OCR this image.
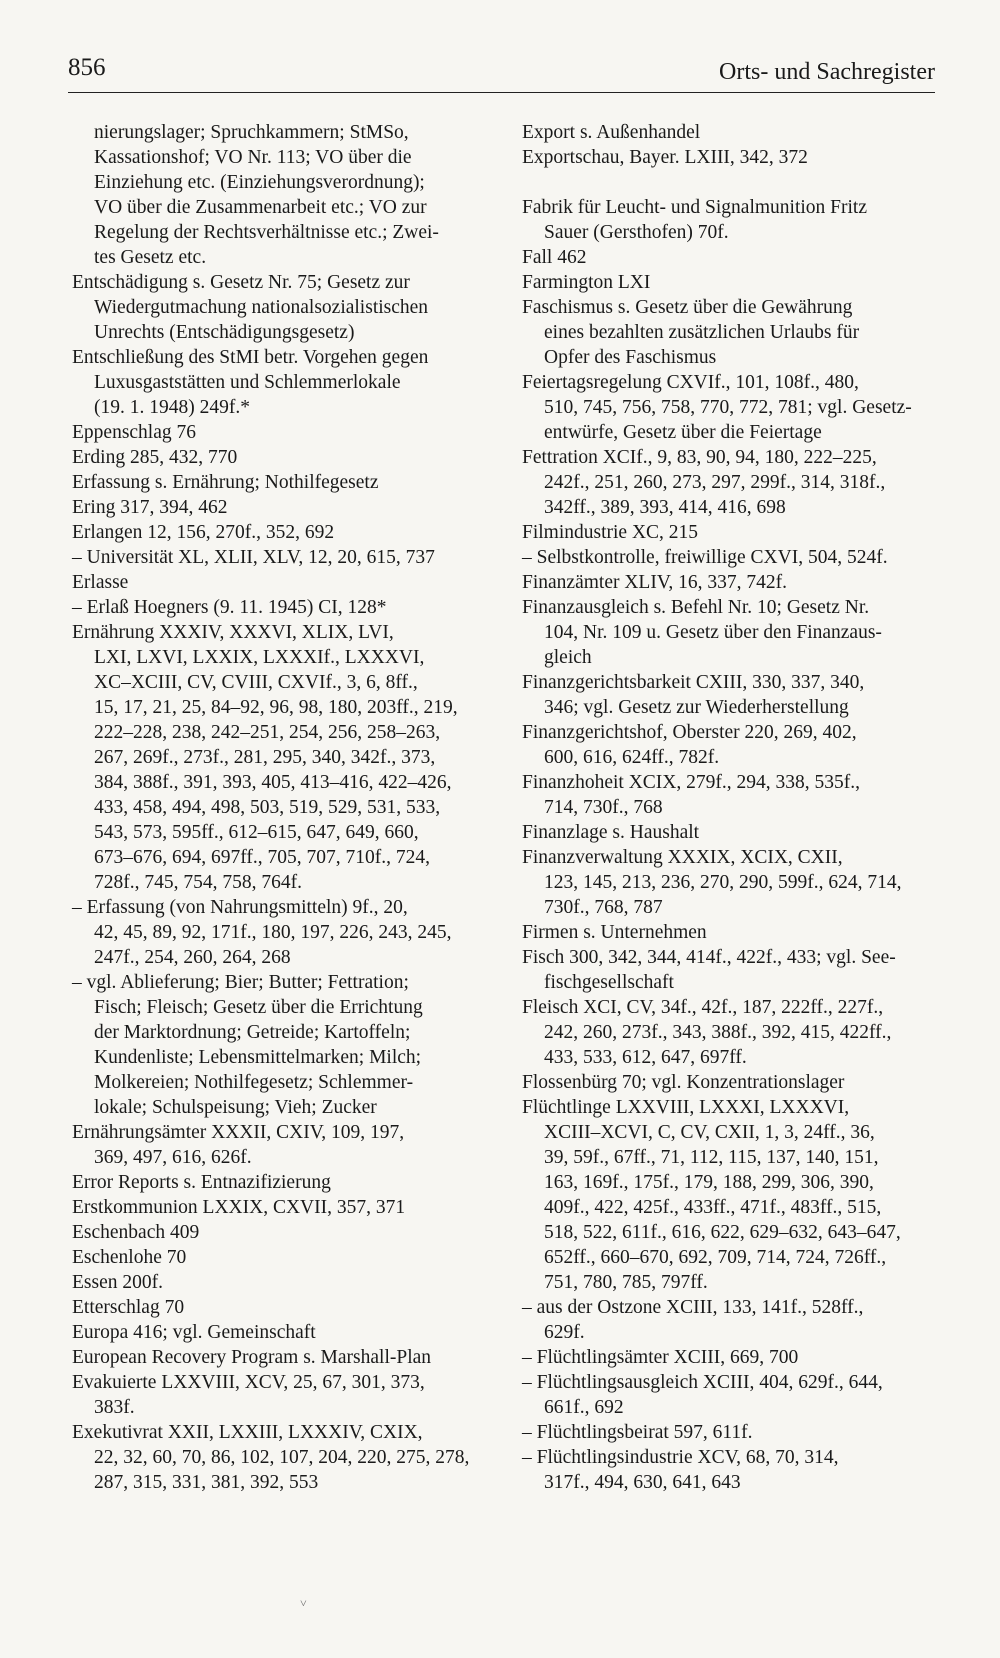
856	Orts- und Sachregister
nierungslager; Spruchkammern; StMSo,
Kassationshof; VO Nr. 113; VO über die
Einziehung etc. (Einziehungsverordnung);
VO über die Zusammenarbeit etc.; VO zur
Regelung der Rechtsverhältnisse etc.; Zwei-
tes Gesetz etc.
Entschädigung s. Gesetz Nr. 75; Gesetz zur
Wiedergutmachung nationalsozialistischen
Unrechts (Entschädigungsgesetz)
Entschließung des StMI betr. Vorgehen gegen
Luxusgaststätten und Schlemmerlokale
(19. 1. 1948) 249f.*
Eppenschlag 76
Erding 285, 432, 770
Erfassung s. Ernährung; Nothilfegesetz
Ering 317, 394, 462
Erlangen 12, 156, 270f., 352, 692
– Universität XL, XLII, XLV, 12, 20, 615, 737
Erlasse
– Erlaß Hoegners (9. 11. 1945) CI, 128*
Ernährung XXXIV, XXXVI, XLIX, LVI,
LXI, LXVI, LXXIX, LXXXIf., LXXXVI,
XC–XCIII, CV, CVIII, CXVIf., 3, 6, 8ff.,
15, 17, 21, 25, 84–92, 96, 98, 180, 203ff., 219,
222–228, 238, 242–251, 254, 256, 258–263,
267, 269f., 273f., 281, 295, 340, 342f., 373,
384, 388f., 391, 393, 405, 413–416, 422–426,
433, 458, 494, 498, 503, 519, 529, 531, 533,
543, 573, 595ff., 612–615, 647, 649, 660,
673–676, 694, 697ff., 705, 707, 710f., 724,
728f., 745, 754, 758, 764f.
– Erfassung (von Nahrungsmitteln) 9f., 20,
42, 45, 89, 92, 171f., 180, 197, 226, 243, 245,
247f., 254, 260, 264, 268
– vgl. Ablieferung; Bier; Butter; Fettration;
Fisch; Fleisch; Gesetz über die Errichtung
der Marktordnung; Getreide; Kartoffeln;
Kundenliste; Lebensmittelmarken; Milch;
Molkereien; Nothilfegesetz; Schlemmer-
lokale; Schulspeisung; Vieh; Zucker
Ernährungsämter XXXII, CXIV, 109, 197,
369, 497, 616, 626f.
Error Reports s. Entnazifizierung
Erstkommunion LXXIX, CXVII, 357, 371
Eschenbach 409
Eschenlohe 70
Essen 200f.
Etterschlag 70
Europa 416; vgl. Gemeinschaft
European Recovery Program s. Marshall-Plan
Evakuierte LXXVIII, XCV, 25, 67, 301, 373,
383f.
Exekutivrat XXII, LXXIII, LXXXIV, CXIX,
22, 32, 60, 70, 86, 102, 107, 204, 220, 275, 278,
287, 315, 331, 381, 392, 553
Export s. Außenhandel
Exportschau, Bayer. LXIII, 342, 372
Fabrik für Leucht- und Signalmunition Fritz
Sauer (Gersthofen) 70f.
Fall 462
Farmington LXI
Faschismus s. Gesetz über die Gewährung
eines bezahlten zusätzlichen Urlaubs für
Opfer des Faschismus
Feiertagsregelung CXVIf., 101, 108f., 480,
510, 745, 756, 758, 770, 772, 781; vgl. Gesetz-
entwürfe, Gesetz über die Feiertage
Fettration XCIf., 9, 83, 90, 94, 180, 222–225,
242f., 251, 260, 273, 297, 299f., 314, 318f.,
342ff., 389, 393, 414, 416, 698
Filmindustrie XC, 215
– Selbstkontrolle, freiwillige CXVI, 504, 524f.
Finanzämter XLIV, 16, 337, 742f.
Finanzausgleich s. Befehl Nr. 10; Gesetz Nr.
104, Nr. 109 u. Gesetz über den Finanzaus-
gleich
Finanzgerichtsbarkeit CXIII, 330, 337, 340,
346; vgl. Gesetz zur Wiederherstellung
Finanzgerichtshof, Oberster 220, 269, 402,
600, 616, 624ff., 782f.
Finanzhoheit XCIX, 279f., 294, 338, 535f.,
714, 730f., 768
Finanzlage s. Haushalt
Finanzverwaltung XXXIX, XCIX, CXII,
123, 145, 213, 236, 270, 290, 599f., 624, 714,
730f., 768, 787
Firmen s. Unternehmen
Fisch 300, 342, 344, 414f., 422f., 433; vgl. See-
fischgesellschaft
Fleisch XCI, CV, 34f., 42f., 187, 222ff., 227f.,
242, 260, 273f., 343, 388f., 392, 415, 422ff.,
433, 533, 612, 647, 697ff.
Flossenbürg 70; vgl. Konzentrationslager
Flüchtlinge LXXVIII, LXXXI, LXXXVI,
XCIII–XCVI, C, CV, CXII, 1, 3, 24ff., 36,
39, 59f., 67ff., 71, 112, 115, 137, 140, 151,
163, 169f., 175f., 179, 188, 299, 306, 390,
409f., 422, 425f., 433ff., 471f., 483ff., 515,
518, 522, 611f., 616, 622, 629–632, 643–647,
652ff., 660–670, 692, 709, 714, 724, 726ff.,
751, 780, 785, 797ff.
– aus der Ostzone XCIII, 133, 141f., 528ff.,
629f.
– Flüchtlingsämter XCIII, 669, 700
– Flüchtlingsausgleich XCIII, 404, 629f., 644,
661f., 692
– Flüchtlingsbeirat 597, 611f.
– Flüchtlingsindustrie XCV, 68, 70, 314,
317f., 494, 630, 641, 643
˅
